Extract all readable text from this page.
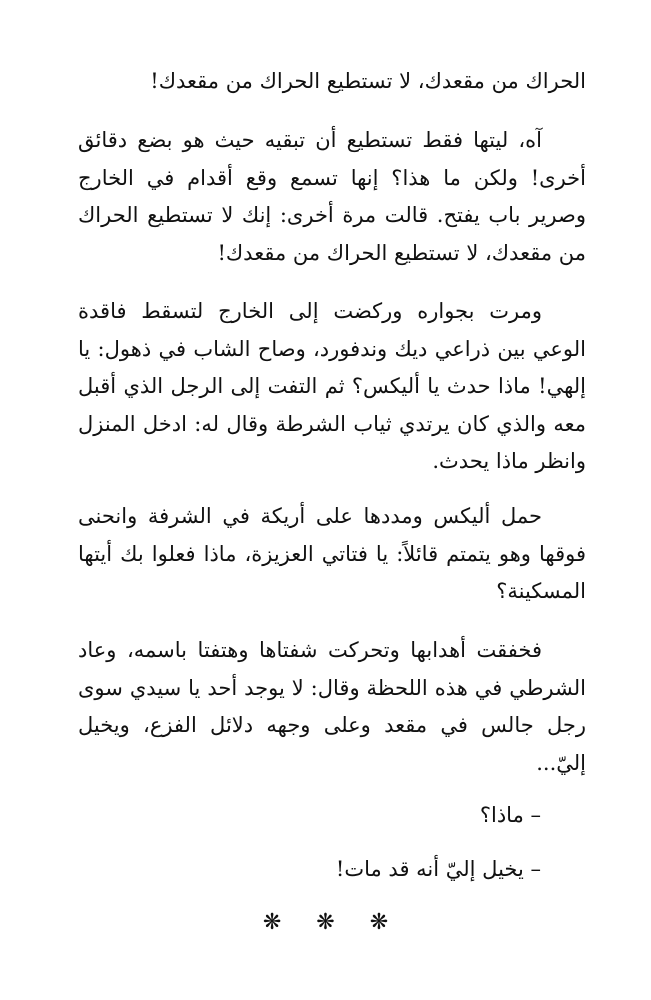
الحراك من مقعدك، لا تستطيع الحراك من مقعدك!

آه، ليتها فقط تستطيع أن تبقيه حيث هو بضع دقائق أخرى! ولكن ما هذا؟ إنها تسمع وقع أقدام في الخارج وصرير باب يفتح. قالت مرة أخرى: إنك لا تستطيع الحراك من مقعدك، لا تستطيع الحراك من مقعدك!

ومرت بجواره وركضت إلى الخارج لتسقط فاقدة الوعي بين ذراعي ديك وندفورد، وصاح الشاب في ذهول: يا إلهي! ماذا حدث يا أليكس؟ ثم التفت إلى الرجل الذي أقبل معه والذي كان يرتدي ثياب الشرطة وقال له: ادخل المنزل وانظر ماذا يحدث.

حمل أليكس ومددها على أريكة في الشرفة وانحنى فوقها وهو يتمتم قائلاً: يا فتاتي العزيزة، ماذا فعلوا بك أيتها المسكينة؟

فخفقت أهدابها وتحركت شفتاها وهتفتا باسمه، وعاد الشرطي في هذه اللحظة وقال: لا يوجد أحد يا سيدي سوى رجل جالس في مقعد وعلى وجهه دلائل الفزع، ويخيل إليّ...

– ماذا؟
– يخيل إليّ أنه قد مات!
❋ ❋ ❋
